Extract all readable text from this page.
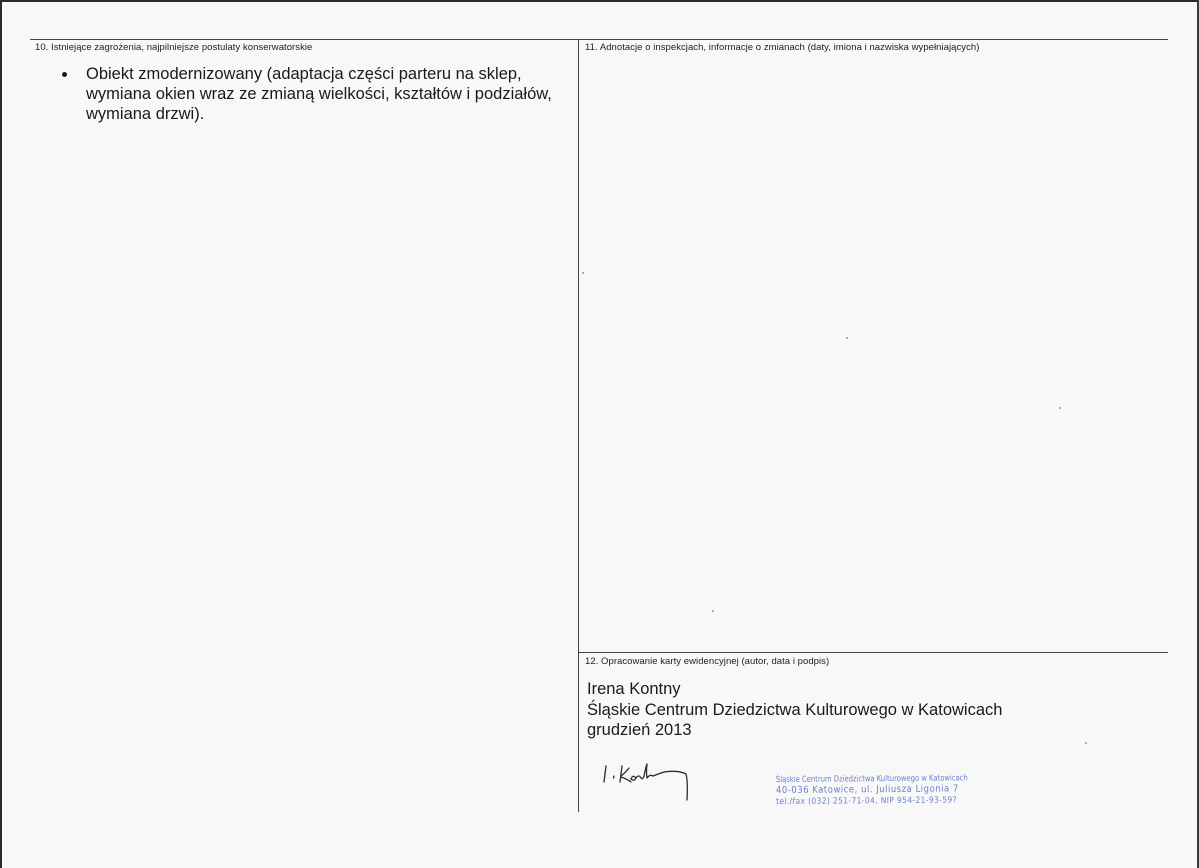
10. Istniejące zagrożenia, najpilniejsze postulaty konserwatorskie
Obiekt zmodernizowany (adaptacja części parteru na sklep, wymiana okien wraz ze zmianą wielkości, kształtów i podziałów, wymiana drzwi).
11. Adnotacje o inspekcjach, informacje o zmianach (daty, imiona i nazwiska wypełniających)
12. Opracowanie karty ewidencyjnej (autor, data i podpis)
Irena Kontny
Śląskie Centrum Dziedzictwa Kulturowego w Katowicach
grudzień 2013
Śląskie Centrum Dziedzictwa Kulturowego w Katowicach
40-036 Katowice, ul. Juliusza Ligonia 7
tel./fax (032) 251-71-04, NIP 954-21-93-59?
